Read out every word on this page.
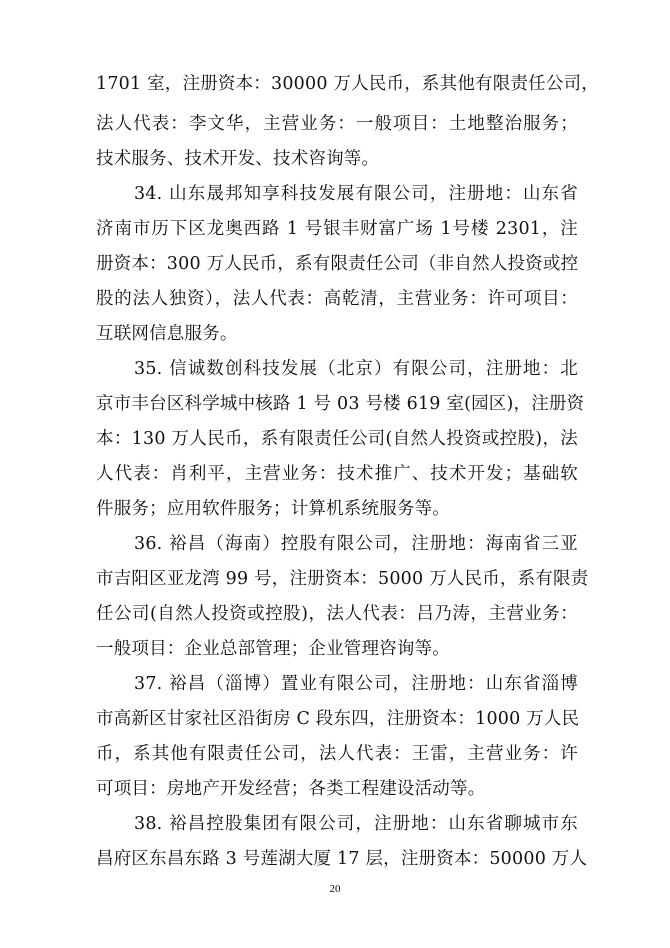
1701 室，注册资本：30000 万人民币，系其他有限责任公司，
法人代表：李文华，主营业务：一般项目：土地整治服务；
技术服务、技术开发、技术咨询等。
34. 山东晟邦知享科技发展有限公司，注册地：山东省
济南市历下区龙奥西路 1 号银丰财富广场 1号楼 2301，注
册资本：300 万人民币，系有限责任公司（非自然人投资或控
股的法人独资），法人代表：高乾清，主营业务：许可项目：
互联网信息服务。
35. 信诚数创科技发展（北京）有限公司，注册地：北
京市丰台区科学城中核路 1 号 03 号楼 619 室(园区)，注册资
本：130 万人民币，系有限责任公司(自然人投资或控股)，法
人代表：肖利平，主营业务：技术推广、技术开发；基础软
件服务；应用软件服务；计算机系统服务等。
36. 裕昌（海南）控股有限公司，注册地：海南省三亚
市吉阳区亚龙湾 99 号，注册资本：5000 万人民币，系有限责
任公司(自然人投资或控股)，法人代表：吕乃涛，主营业务：
一般项目：企业总部管理；企业管理咨询等。
37. 裕昌（淄博）置业有限公司，注册地：山东省淄博
市高新区甘家社区沿街房 C 段东四，注册资本：1000 万人民
币，系其他有限责任公司，法人代表：王雷，主营业务：许
可项目：房地产开发经营；各类工程建设活动等。
38. 裕昌控股集团有限公司，注册地：山东省聊城市东
昌府区东昌东路 3 号莲湖大厦 17 层，注册资本：50000 万人
20
